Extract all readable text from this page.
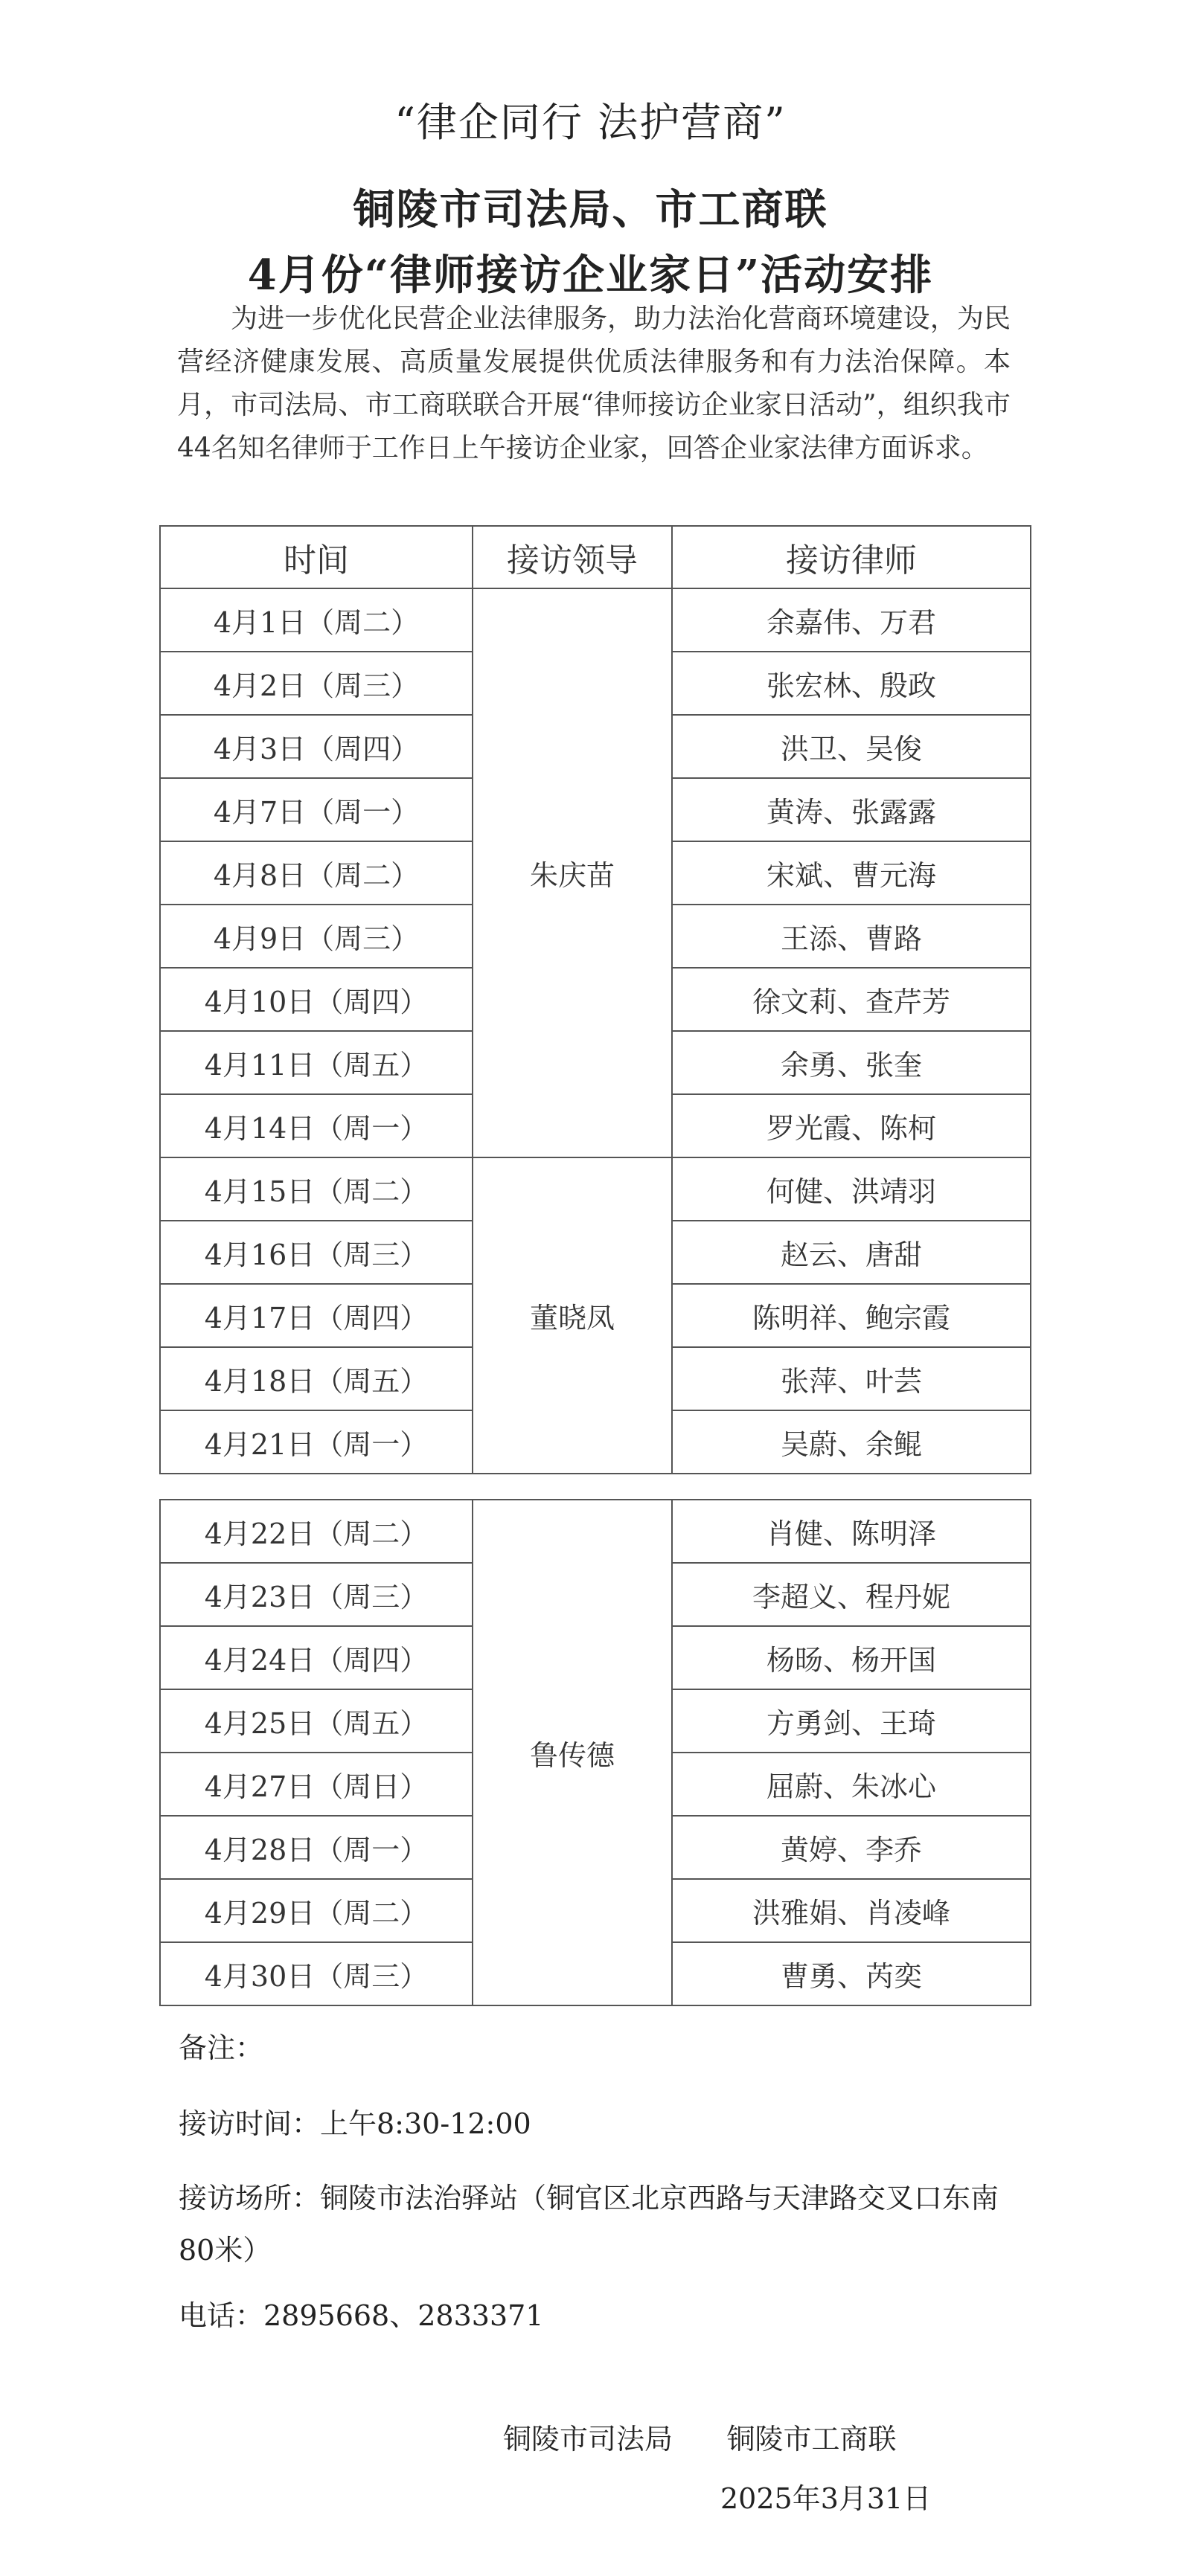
“律企同行 法护营商”
铜陵市司法局、市工商联
4月份“律师接访企业家日”活动安排
为进一步优化民营企业法律服务，助力法治化营商环境建设，为民营经济健康发展、高质量发展提供优质法律服务和有力法治保障。本月，市司法局、市工商联联合开展“律师接访企业家日活动”，组织我市44名知名律师于工作日上午接访企业家，回答企业家法律方面诉求。
时间	接访领导	接访律师
4月1日（周二）	朱庆苗	余嘉伟、万君
4月2日（周三）		张宏林、殷政
4月3日（周四）		洪卫、吴俊
4月7日（周一）		黄涛、张露露
4月8日（周二）		宋斌、曹元海
4月9日（周三）		王添、曹路
4月10日（周四）		徐文莉、查芹芳
4月11日（周五）		余勇、张奎
4月14日（周一）		罗光霞、陈柯
4月15日（周二）	董晓凤	何健、洪靖羽
4月16日（周三）		赵云、唐甜
4月17日（周四）		陈明祥、鲍宗霞
4月18日（周五）		张萍、叶芸
4月21日（周一）		吴蔚、余鲲
4月22日（周二）	鲁传德	肖健、陈明泽
4月23日（周三）		李超义、程丹妮
4月24日（周四）		杨旸、杨开国
4月25日（周五）		方勇剑、王琦
4月27日（周日）		屈蔚、朱冰心
4月28日（周一）		黄婷、李乔
4月29日（周二）		洪雅娟、肖凌峰
4月30日（周三）		曹勇、芮奕
备注：
接访时间：上午8:30-12:00
接访场所：铜陵市法治驿站（铜官区北京西路与天津路交叉口东南80米）
电话：2895668、2833371
铜陵市司法局      铜陵市工商联
2025年3月31日
